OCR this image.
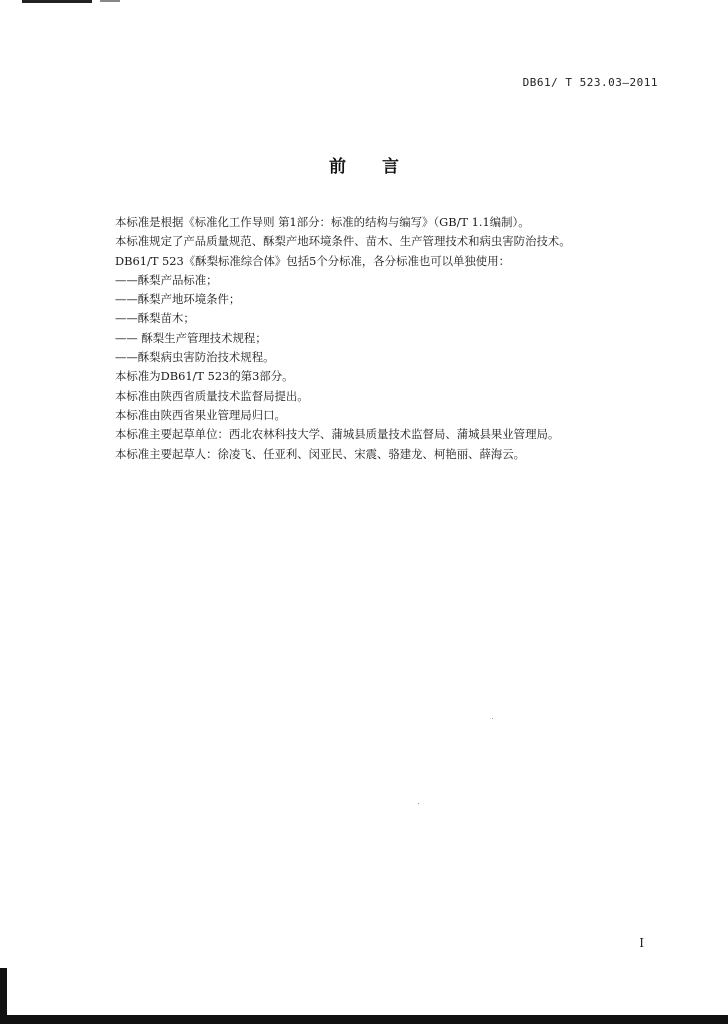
DB61/ T 523.03—2011
前 言
本标准是根据《标准化工作导则 第1部分：标准的结构与编写》（GB/T 1.1编制）。
本标准规定了产品质量规范、酥梨产地环境条件、苗木、生产管理技术和病虫害防治技术。
DB61/T 523《酥梨标准综合体》包括5个分标准，各分标准也可以单独使用：
——酥梨产品标准；
——酥梨产地环境条件；
——酥梨苗木；
—— 酥梨生产管理技术规程；
——酥梨病虫害防治技术规程。
本标准为DB61/T 523的第3部分。
本标准由陕西省质量技术监督局提出。
本标准由陕西省果业管理局归口。
本标准主要起草单位：西北农林科技大学、蒲城县质量技术监督局、蒲城县果业管理局。
本标准主要起草人：徐凌飞、任亚利、闵亚民、宋震、骆建龙、柯艳丽、薛海云。
I
